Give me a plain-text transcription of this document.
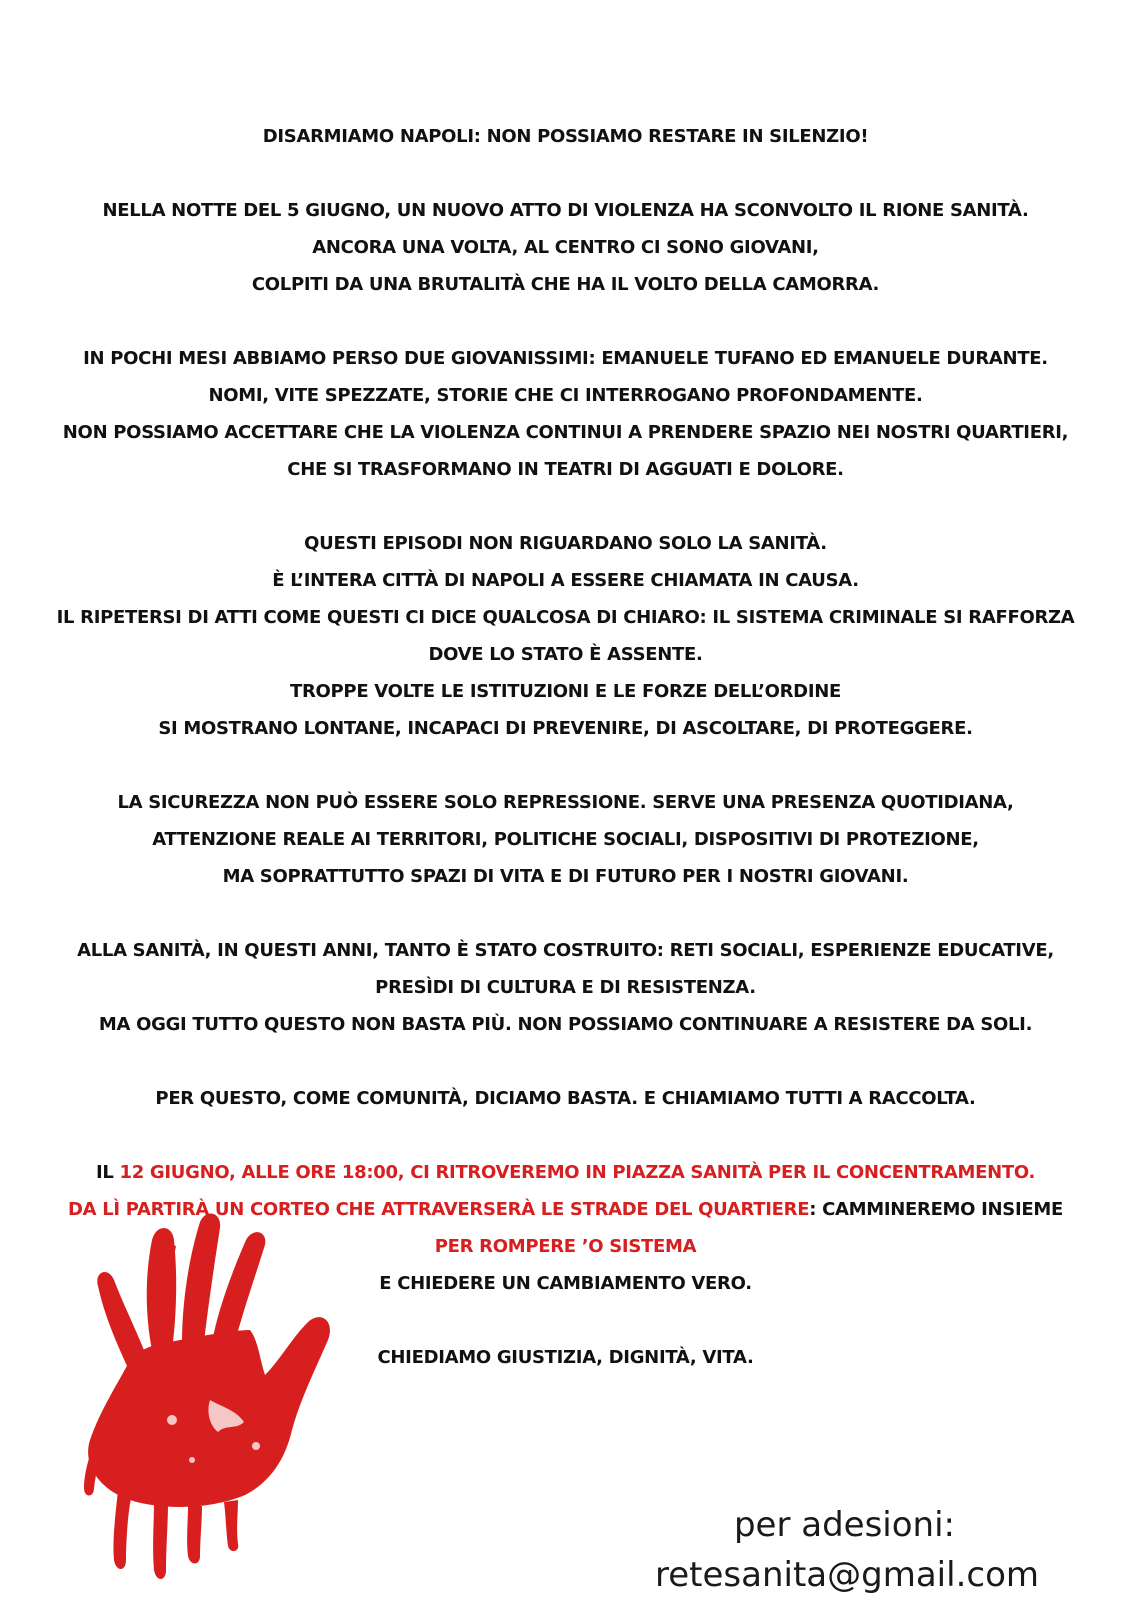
DISARMIAMO NAPOLI: NON POSSIAMO RESTARE IN SILENZIO!

NELLA NOTTE DEL 5 GIUGNO, UN NUOVO ATTO DI VIOLENZA HA SCONVOLTO IL RIONE SANITÀ.

ANCORA UNA VOLTA, AL CENTRO CI SONO GIOVANI,

COLPITI DA UNA BRUTALITÀ CHE HA IL VOLTO DELLA CAMORRA.

IN POCHI MESI ABBIAMO PERSO DUE GIOVANISSIMI: EMANUELE TUFANO ED EMANUELE DURANTE.

NOMI, VITE SPEZZATE, STORIE CHE CI INTERROGANO PROFONDAMENTE.

NON POSSIAMO ACCETTARE CHE LA VIOLENZA CONTINUI A PRENDERE SPAZIO NEI NOSTRI QUARTIERI,

CHE SI TRASFORMANO IN TEATRI DI AGGUATI E DOLORE.

QUESTI EPISODI NON RIGUARDANO SOLO LA SANITÀ.

È L’INTERA CITTÀ DI NAPOLI A ESSERE CHIAMATA IN CAUSA.

IL RIPETERSI DI ATTI COME QUESTI CI DICE QUALCOSA DI CHIARO: IL SISTEMA CRIMINALE SI RAFFORZA

DOVE LO STATO È ASSENTE.

TROPPE VOLTE LE ISTITUZIONI E LE FORZE DELL’ORDINE

SI MOSTRANO LONTANE, INCAPACI DI PREVENIRE, DI ASCOLTARE, DI PROTEGGERE.

LA SICUREZZA NON PUÒ ESSERE SOLO REPRESSIONE. SERVE UNA PRESENZA QUOTIDIANA,

ATTENZIONE REALE AI TERRITORI, POLITICHE SOCIALI, DISPOSITIVI DI PROTEZIONE,

MA SOPRATTUTTO SPAZI DI VITA E DI FUTURO PER I NOSTRI GIOVANI.

ALLA SANITÀ, IN QUESTI ANNI, TANTO È STATO COSTRUITO: RETI SOCIALI, ESPERIENZE EDUCATIVE,

PRESÌDI DI CULTURA E DI RESISTENZA.

MA OGGI TUTTO QUESTO NON BASTA PIÙ. NON POSSIAMO CONTINUARE A RESISTERE DA SOLI.

PER QUESTO, COME COMUNITÀ, DICIAMO BASTA. E CHIAMIAMO TUTTI A RACCOLTA.

IL 12 GIUGNO, ALLE ORE 18:00, CI RITROVEREMO IN PIAZZA SANITÀ PER IL CONCENTRAMENTO.

DA LÌ PARTIRÀ UN CORTEO CHE ATTRAVERSERÀ LE STRADE DEL QUARTIERE: CAMMINEREMO INSIEME

PER ROMPERE ’O SISTEMA

E CHIEDERE UN CAMBIAMENTO VERO.

CHIEDIAMO GIUSTIZIA, DIGNITÀ, VITA.

per adesioni:
retesanita@gmail.com
